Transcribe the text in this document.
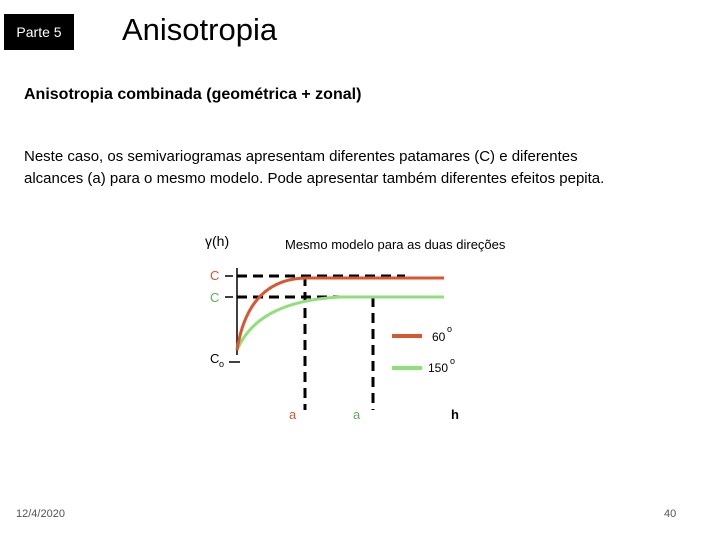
Parte 5	Anisotropia
Anisotropia combinada (geométrica + zonal)
Neste caso, os semivariogramas apresentam diferentes patamares (C) e diferentes
alcances (a) para o mesmo modelo. Pode apresentar também diferentes efeitos pepita.
γ(h)	Mesmo modelo para as duas direções
C
C
C o
60
o
150 o
a	a	h
12/4/2020	40
